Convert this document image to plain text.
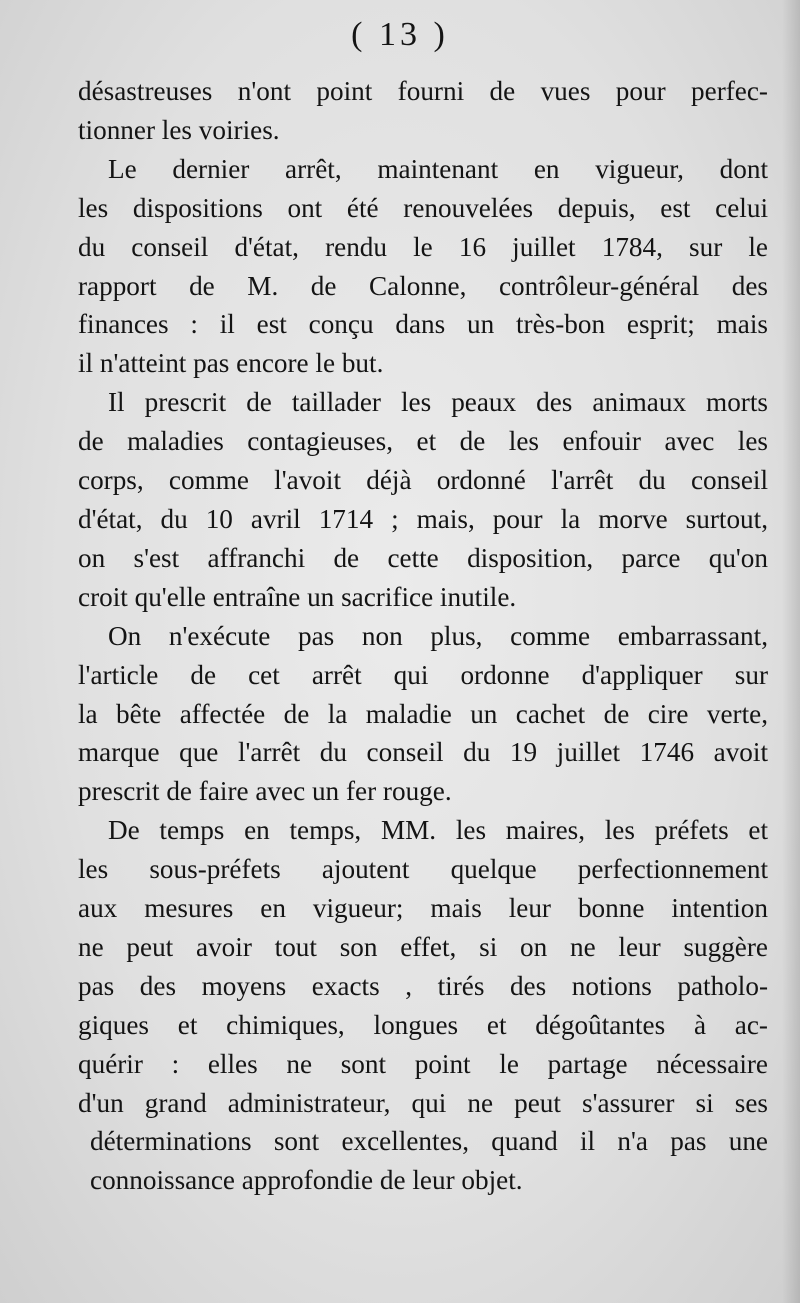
( 13 )
désastreuses n'ont point fourni de vues pour perfec-
tionner les voiries.
Le dernier arrêt, maintenant en vigueur, dont
les dispositions ont été renouvelées depuis, est celui
du conseil d'état, rendu le 16 juillet 1784, sur le
rapport de M. de Calonne, contrôleur-général des
finances : il est conçu dans un très-bon esprit; mais
il n'atteint pas encore le but.
Il prescrit de taillader les peaux des animaux morts
de maladies contagieuses, et de les enfouir avec les
corps, comme l'avoit déjà ordonné l'arrêt du conseil
d'état, du 10 avril 1714 ; mais, pour la morve surtout,
on s'est affranchi de cette disposition, parce qu'on
croit qu'elle entraîne un sacrifice inutile.
On n'exécute pas non plus, comme embarrassant,
l'article de cet arrêt qui ordonne d'appliquer sur
la bête affectée de la maladie un cachet de cire verte,
marque que l'arrêt du conseil du 19 juillet 1746 avoit
prescrit de faire avec un fer rouge.
De temps en temps, MM. les maires, les préfets et
les sous-préfets ajoutent quelque perfectionnement
aux mesures en vigueur; mais leur bonne intention
ne peut avoir tout son effet, si on ne leur suggère
pas des moyens exacts , tirés des notions patholo-
giques et chimiques, longues et dégoûtantes à ac-
quérir : elles ne sont point le partage nécessaire
d'un grand administrateur, qui ne peut s'assurer si ses
déterminations sont excellentes, quand il n'a pas une
connoissance approfondie de leur objet.
